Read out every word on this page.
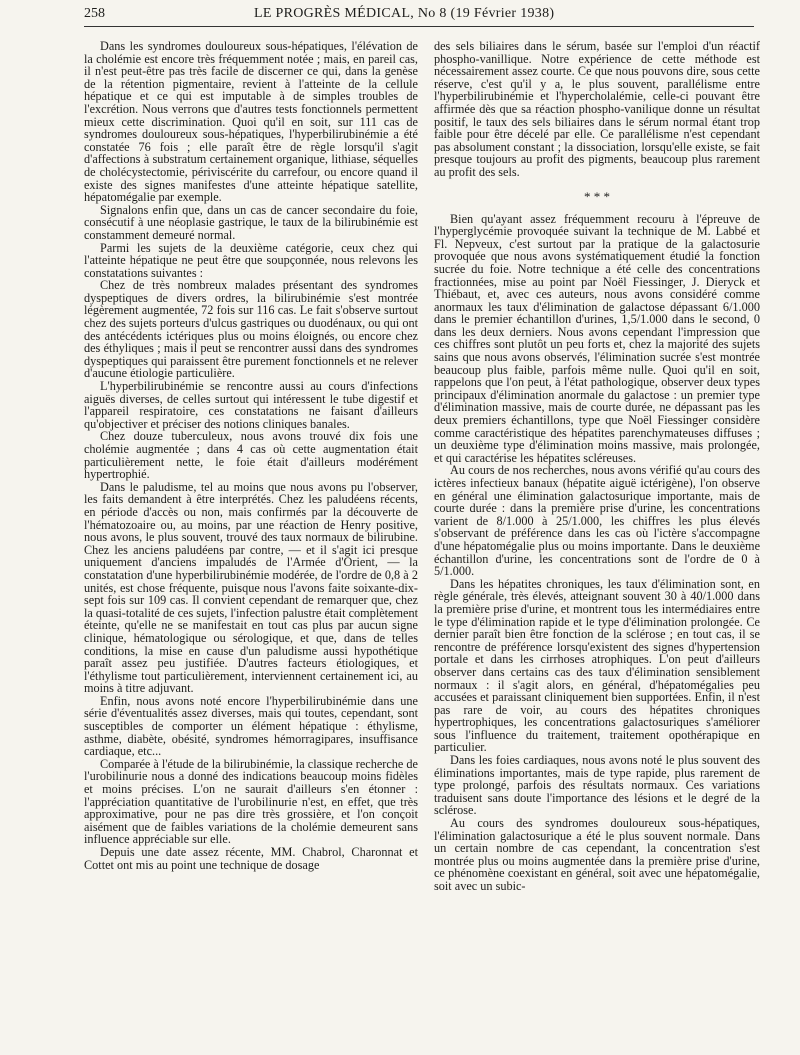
258	LE PROGRÈS MÉDICAL, No 8 (19 Février 1938)

Dans les syndromes douloureux sous-hépatiques, l'élévation de la cholémie est encore très fréquemment notée ; mais, en pareil cas, il n'est peut-être pas très facile de discerner ce qui, dans la genèse de la rétention pigmentaire, revient à l'atteinte de la cellule hépatique et ce qui est imputable à de simples troubles de l'excrétion. Nous verrons que d'autres tests fonctionnels permettent mieux cette discrimination. Quoi qu'il en soit, sur 111 cas de syndromes douloureux sous-hépatiques, l'hyperbilirubinémie a été constatée 76 fois ; elle paraît être de règle lorsqu'il s'agit d'affections à substratum certainement organique, lithiase, séquelles de cholécystectomie, périviscérite du carrefour, ou encore quand il existe des signes manifestes d'une atteinte hépatique satellite, hépatomégalie par exemple.

Signalons enfin que, dans un cas de cancer secondaire du foie, consécutif à une néoplasie gastrique, le taux de la bilirubinémie est constamment demeuré normal.

Parmi les sujets de la deuxième catégorie, ceux chez qui l'atteinte hépatique ne peut être que soupçonnée, nous relevons les constatations suivantes :

Chez de très nombreux malades présentant des syndromes dyspeptiques de divers ordres, la bilirubinémie s'est montrée légèrement augmentée, 72 fois sur 116 cas. Le fait s'observe surtout chez des sujets porteurs d'ulcus gastriques ou duodénaux, ou qui ont des antécédents ictériques plus ou moins éloignés, ou encore chez des éthyliques ; mais il peut se rencontrer aussi dans des syndromes dyspeptiques qui paraissent être purement fonctionnels et ne relever d'aucune étiologie particulière.

L'hyperbilirubinémie se rencontre aussi au cours d'infections aiguës diverses, de celles surtout qui intéressent le tube digestif et l'appareil respiratoire, ces constatations ne faisant d'ailleurs qu'objectiver et préciser des notions cliniques banales.

Chez douze tuberculeux, nous avons trouvé dix fois une cholémie augmentée ; dans 4 cas où cette augmentation était particulièrement nette, le foie était d'ailleurs modérément hypertrophié.

Dans le paludisme, tel au moins que nous avons pu l'observer, les faits demandent à être interprétés. Chez les paludéens récents, en période d'accès ou non, mais confirmés par la découverte de l'hématozoaire ou, au moins, par une réaction de Henry positive, nous avons, le plus souvent, trouvé des taux normaux de bilirubine. Chez les anciens paludéens par contre, — et il s'agit ici presque uniquement d'anciens impaludés de l'Armée d'Orient, — la constatation d'une hyperbilirubinémie modérée, de l'ordre de 0,8 à 2 unités, est chose fréquente, puisque nous l'avons faite soixante-dix-sept fois sur 109 cas. Il convient cependant de remarquer que, chez la quasi-totalité de ces sujets, l'infection palustre était complètement éteinte, qu'elle ne se manifestait en tout cas plus par aucun signe clinique, hématologique ou sérologique, et que, dans de telles conditions, la mise en cause d'un paludisme aussi hypothétique paraît assez peu justifiée. D'autres facteurs étiologiques, et l'éthylisme tout particulièrement, interviennent certainement ici, au moins à titre adjuvant.

Enfin, nous avons noté encore l'hyperbilirubinémie dans une série d'éventualités assez diverses, mais qui toutes, cependant, sont susceptibles de comporter un élément hépatique : éthylisme, asthme, diabète, obésité, syndromes hémorragipares, insuffisance cardiaque, etc...

Comparée à l'étude de la bilirubinémie, la classique recherche de l'urobilinurie nous a donné des indications beaucoup moins fidèles et moins précises. L'on ne saurait d'ailleurs s'en étonner : l'appréciation quantitative de l'urobilinurie n'est, en effet, que très approximative, pour ne pas dire très grossière, et l'on conçoit aisément que de faibles variations de la cholémie demeurent sans influence appréciable sur elle.

Depuis une date assez récente, MM. Chabrol, Charonnat et Cottet ont mis au point une technique de dosage

des sels biliaires dans le sérum, basée sur l'emploi d'un réactif phospho-vanillique. Notre expérience de cette méthode est nécessairement assez courte. Ce que nous pouvons dire, sous cette réserve, c'est qu'il y a, le plus souvent, parallélisme entre l'hyperbilirubinémie et l'hypercholalémie, celle-ci pouvant être affirmée dès que sa réaction phospho-vanilique donne un résultat positif, le taux des sels biliaires dans le sérum normal étant trop faible pour être décelé par elle. Ce parallélisme n'est cependant pas absolument constant ; la dissociation, lorsqu'elle existe, se fait presque toujours au profit des pigments, beaucoup plus rarement au profit des sels.

* * *

Bien qu'ayant assez fréquemment recouru à l'épreuve de l'hyperglycémie provoquée suivant la technique de M. Labbé et Fl. Nepveux, c'est surtout par la pratique de la galactosurie provoquée que nous avons systématiquement étudié la fonction sucrée du foie. Notre technique a été celle des concentrations fractionnées, mise au point par Noël Fiessinger, J. Dieryck et Thiébaut, et, avec ces auteurs, nous avons considéré comme anormaux les taux d'élimination de galactose dépassant 6/1.000 dans le premier échantillon d'urines, 1,5/1.000 dans le second, 0 dans les deux derniers. Nous avons cependant l'impression que ces chiffres sont plutôt un peu forts et, chez la majorité des sujets sains que nous avons observés, l'élimination sucrée s'est montrée beaucoup plus faible, parfois même nulle. Quoi qu'il en soit, rappelons que l'on peut, à l'état pathologique, observer deux types principaux d'élimination anormale du galactose : un premier type d'élimination massive, mais de courte durée, ne dépassant pas les deux premiers échantillons, type que Noël Fiessinger considère comme caractéristique des hépatites parenchymateuses diffuses ; un deuxième type d'élimination moins massive, mais prolongée, et qui caractérise les hépatites scléreuses.

Au cours de nos recherches, nous avons vérifié qu'au cours des ictères infectieux banaux (hépatite aiguë ictérigène), l'on observe en général une élimination galactosurique importante, mais de courte durée : dans la première prise d'urine, les concentrations varient de 8/1.000 à 25/1.000, les chiffres les plus élevés s'observant de préférence dans les cas où l'ictère s'accompagne d'une hépatomégalie plus ou moins importante. Dans le deuxième échantillon d'urine, les concentrations sont de l'ordre de 0 à 5/1.000.

Dans les hépatites chroniques, les taux d'élimination sont, en règle générale, très élevés, atteignant souvent 30 à 40/1.000 dans la première prise d'urine, et montrent tous les intermédiaires entre le type d'élimination rapide et le type d'élimination prolongée. Ce dernier paraît bien être fonction de la sclérose ; en tout cas, il se rencontre de préférence lorsqu'existent des signes d'hypertension portale et dans les cirrhoses atrophiques. L'on peut d'ailleurs observer dans certains cas des taux d'élimination sensiblement normaux : il s'agit alors, en général, d'hépatomégalies peu accusées et paraissant cliniquement bien supportées. Enfin, il n'est pas rare de voir, au cours des hépatites chroniques hypertrophiques, les concentrations galactosuriques s'améliorer sous l'influence du traitement, traitement opothérapique en particulier.

Dans les foies cardiaques, nous avons noté le plus souvent des éliminations importantes, mais de type rapide, plus rarement de type prolongé, parfois des résultats normaux. Ces variations traduisent sans doute l'importance des lésions et le degré de la sclérose.

Au cours des syndromes douloureux sous-hépatiques, l'élimination galactosurique a été le plus souvent normale. Dans un certain nombre de cas cependant, la concentration s'est montrée plus ou moins augmentée dans la première prise d'urine, ce phénomène coexistant en général, soit avec une hépatomégalie, soit avec un subic-
